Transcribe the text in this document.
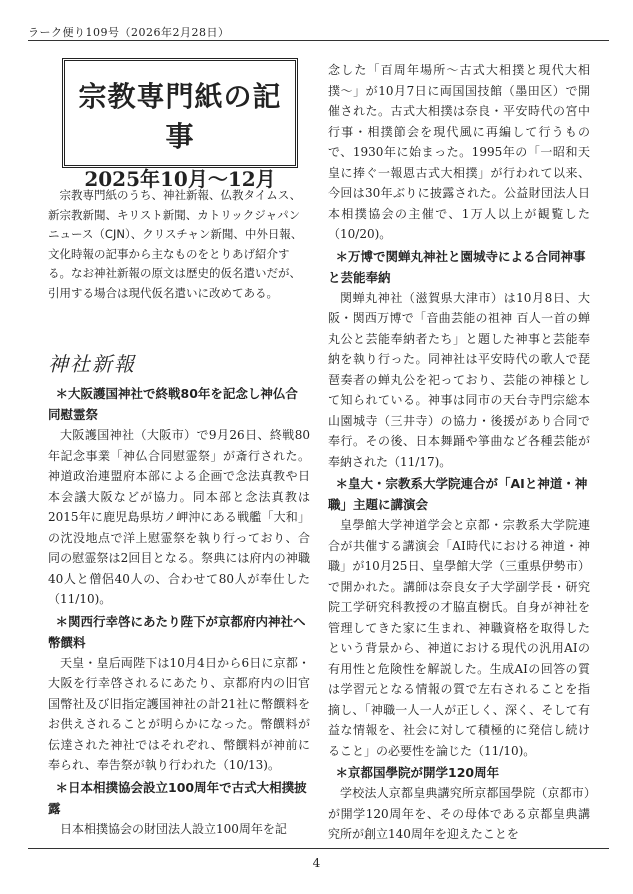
ラーク便り109号（2026年2月28日）
宗教専門紙の記事
2025年10月〜12月

宗教専門紙のうち、神社新報、仏教タイムス、新宗教新聞、キリスト新聞、カトリックジャパンニュース（CJN）、クリスチャン新聞、中外日報、文化時報の記事から主なものをとりあげ紹介する。なお神社新報の原文は歴史的仮名遣いだが、引用する場合は現代仮名遣いに改めてある。

神社新報

＊大阪護国神社で終戦80年を記念し神仏合同慰霊祭

大阪護国神社（大阪市）で9月26日、終戦80年記念事業「神仏合同慰霊祭」が斎行された。神道政治連盟府本部による企画で念法真教や日本会議大阪などが協力。同本部と念法真教は2015年に鹿児島県坊ノ岬沖にある戦艦「大和」の沈没地点で洋上慰霊祭を執り行っており、合同の慰霊祭は2回目となる。祭典には府内の神職40人と僧侶40人の、合わせて80人が奉仕した（11/10)。

＊関西行幸啓にあたり陛下が京都府内神社へ幣饌料

天皇・皇后両陛下は10月4日から6日に京都・大阪を行幸啓されるにあたり、京都府内の旧官国幣社及び旧指定護国神社の計21社に幣饌料をお供えされることが明らかになった。幣饌料が伝達された神社ではそれぞれ、幣饌料が神前に奉られ、奉告祭が執り行われた（10/13)。

＊日本相撲協会設立100周年で古式大相撲披露

日本相撲協会の財団法人設立100周年を記

念した「百周年場所〜古式大相撲と現代大相撲〜」が10月7日に両国国技館（墨田区）で開催された。古式大相撲は奈良・平安時代の宮中行事・相撲節会を現代風に再編して行うもので、1930年に始まった。1995年の「一昭和天皇に捧ぐ一報恩古式大相撲」が行われて以来、今回は30年ぶりに披露された。公益財団法人日本相撲協会の主催で、1万人以上が観覧した（10/20)。

＊万博で関蝉丸神社と園城寺による合同神事と芸能奉納

関蝉丸神社（滋賀県大津市）は10月8日、大阪・関西万博で「音曲芸能の祖神 百人一首の蝉丸公と芸能奉納者たち」と題した神事と芸能奉納を執り行った。同神社は平安時代の歌人で琵琶奏者の蝉丸公を祀っており、芸能の神様として知られている。神事は同市の天台寺門宗総本山園城寺（三井寺）の協力・後援があり合同で奉行。その後、日本舞踊や箏曲など各種芸能が奉納された（11/17)。

＊皇大・宗教系大学院連合が「AIと神道・神職」主題に講演会

皇學館大学神道学会と京都・宗教系大学院連合が共催する講演会「AI時代における神道・神職」が10月25日、皇學館大学（三重県伊勢市）で開かれた。講師は奈良女子大学副学長・研究院工学研究科教授の才脇直樹氏。自身が神社を管理してきた家に生まれ、神職資格を取得したという背景から、神道における現代の汎用AIの有用性と危険性を解説した。生成AIの回答の質は学習元となる情報の質で左右されることを指摘し、「神職一人一人が正しく、深く、そして有益な情報を、社会に対して積極的に発信し続けること」の必要性を論じた（11/10)。

＊京都国學院が開学120周年

学校法人京都皇典講究所京都国學院（京都市）が開学120周年を、その母体である京都皇典講究所が創立140周年を迎えたことを

4
